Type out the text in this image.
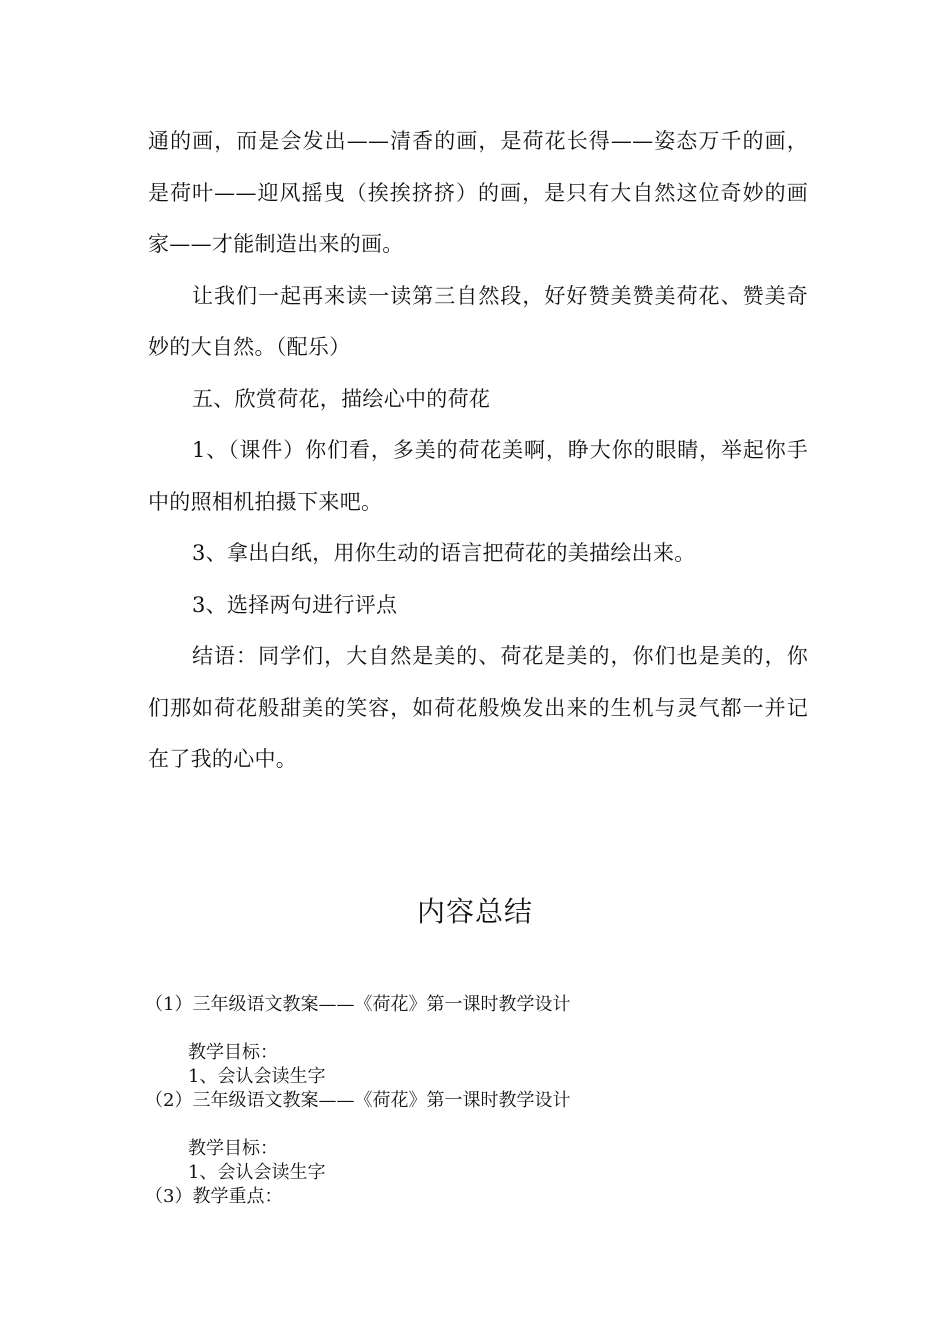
通的画，而是会发出——清香的画，是荷花长得——姿态万千的画，是荷叶——迎风摇曳（挨挨挤挤）的画，是只有大自然这位奇妙的画家——才能制造出来的画。

让我们一起再来读一读第三自然段，好好赞美赞美荷花、赞美奇妙的大自然。（配乐）

五、欣赏荷花，描绘心中的荷花

1、（课件）你们看，多美的荷花美啊，睁大你的眼睛，举起你手中的照相机拍摄下来吧。

3、拿出白纸，用你生动的语言把荷花的美描绘出来。

3、选择两句进行评点

结语：同学们，大自然是美的、荷花是美的，你们也是美的，你们那如荷花般甜美的笑容，如荷花般焕发出来的生机与灵气都一并记在了我的心中。

内容总结

（1）三年级语文教案——《荷花》第一课时教学设计

教学目标：

1、会认会读生字

（2）三年级语文教案——《荷花》第一课时教学设计

教学目标：

1、会认会读生字

（3）教学重点：
